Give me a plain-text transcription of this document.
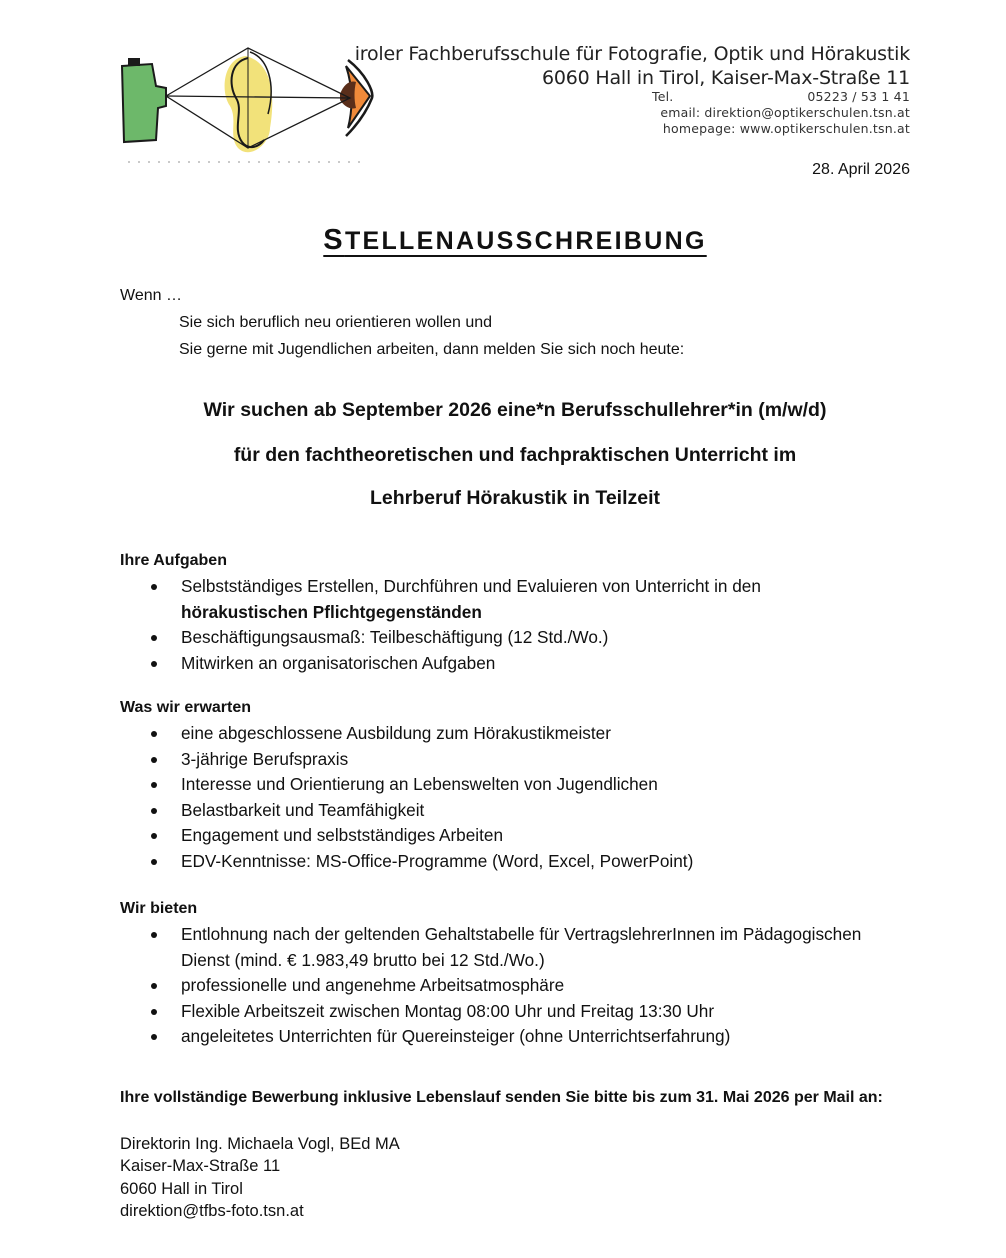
iroler Fachberufsschule für Fotografie, Optik und Hörakustik
6060 Hall in Tirol, Kaiser-Max-Straße 11
Tel.	05223 / 53 1 41
email: direktion@optikerschulen.tsn.at
homepage: www.optikerschulen.tsn.at
28. April 2026
STELLENAUSSCHREIBUNG
Wenn …
Sie sich beruflich neu orientieren wollen und
Sie gerne mit Jugendlichen arbeiten, dann melden Sie sich noch heute:
Wir suchen ab September 2026 eine*n Berufsschullehrer*in (m/w/d)
für den fachtheoretischen und fachpraktischen Unterricht im
Lehrberuf Hörakustik in Teilzeit
Ihre Aufgaben
Selbstständiges Erstellen, Durchführen und Evaluieren von Unterricht in den
hörakustischen Pflichtgegenständen
Beschäftigungsausmaß: Teilbeschäftigung (12 Std./Wo.)
Mitwirken an organisatorischen Aufgaben
Was wir erwarten
eine abgeschlossene Ausbildung zum Hörakustikmeister
3-jährige Berufspraxis
Interesse und Orientierung an Lebenswelten von Jugendlichen
Belastbarkeit und Teamfähigkeit
Engagement und selbstständiges Arbeiten
EDV-Kenntnisse: MS-Office-Programme (Word, Excel, PowerPoint)
Wir bieten
Entlohnung nach der geltenden Gehaltstabelle für VertragslehrerInnen im Pädagogischen
Dienst (mind. € 1.983,49 brutto bei 12 Std./Wo.)
professionelle und angenehme Arbeitsatmosphäre
Flexible Arbeitszeit zwischen Montag 08:00 Uhr und Freitag 13:30 Uhr
angeleitetes Unterrichten für Quereinsteiger (ohne Unterrichtserfahrung)
Ihre vollständige Bewerbung inklusive Lebenslauf senden Sie bitte bis zum 31. Mai 2026 per Mail an:
Direktorin Ing. Michaela Vogl, BEd MA
Kaiser-Max-Straße 11
6060 Hall in Tirol
direktion@tfbs-foto.tsn.at
